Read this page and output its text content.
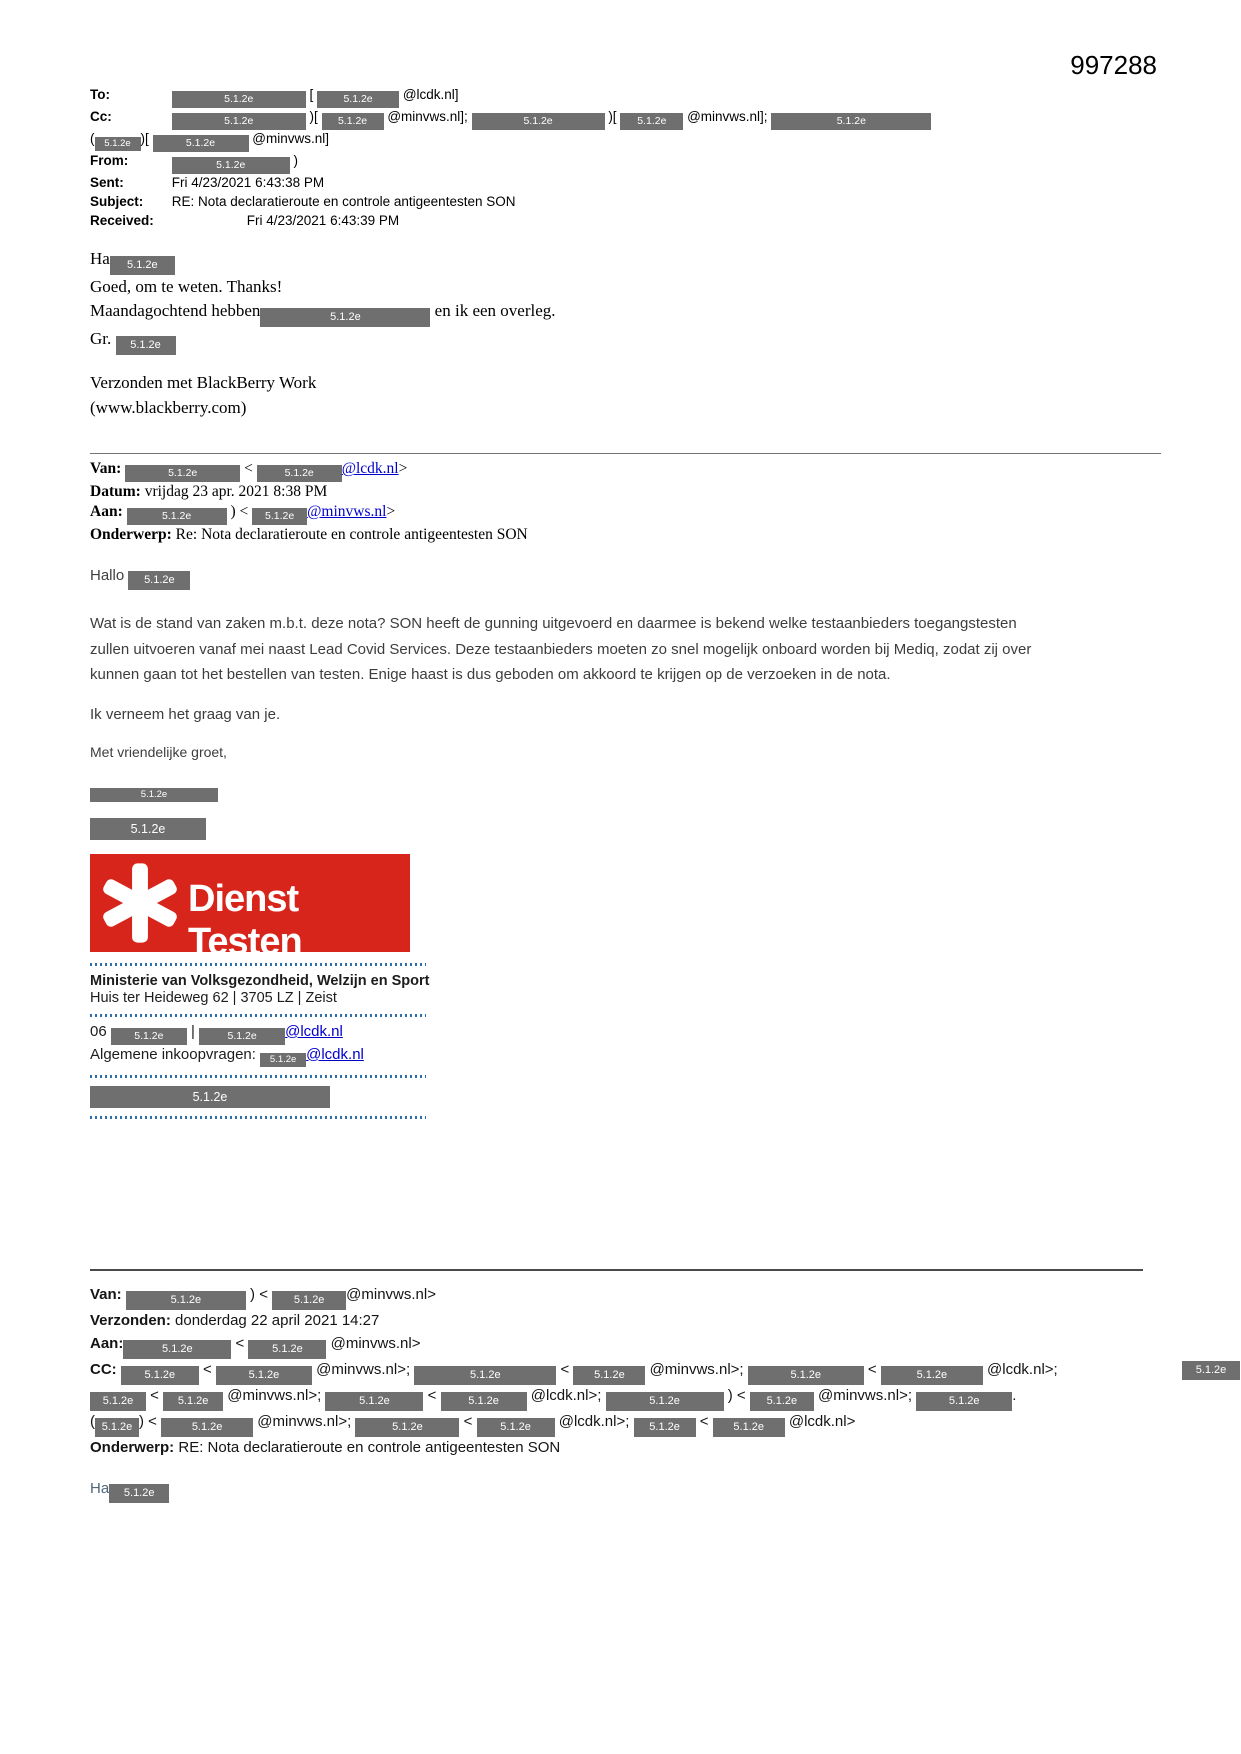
997288
To:	5.1.2e	[	5.1.2e @lcdk.nl]
Cc:	5.1.2e	)[ 5.1.2e @minvws.nl];	5.1.2e	)[ 5.1.2e @minvws.nl];	5.1.2e
( 5.1.2e )[	5.1.2e	@minvws.nl]
From:	5.1.2e	)
Sent:	Fri 4/23/2021 6:43:38 PM
Subject: RE: Nota declaratieroute en controle antigeentesten SON
Received:	Fri 4/23/2021 6:43:39 PM
Ha 5.1.2e
Goed, om te weten. Thanks!
Maandagochtend hebben	5.1.2e	en ik een overleg.
Gr. 5.1.2e
Verzonden met BlackBerry Work
(www.blackberry.com)
Van:	5.1.2e	<	5.1.2e @lcdk.nl>
Datum: vrijdag 23 apr. 2021 8:38 PM
Aan:	5.1.2e	) < 5.1.2e @minvws.nl>
Onderwerp: Re: Nota declaratieroute en controle antigeentesten SON
Hallo 5.1.2e
Wat is de stand van zaken m.b.t. deze nota? SON heeft de gunning uitgevoerd en daarmee is bekend welke testaanbieders toegangstesten zullen uitvoeren vanaf mei naast Lead Covid Services. Deze testaanbieders moeten zo snel mogelijk onboard worden bij Mediq, zodat zij over kunnen gaan tot het bestellen van testen. Enige haast is dus geboden om akkoord te krijgen op de verzoeken in de nota.
Ik verneem het graag van je.
Met vriendelijke groet,
5.1.2e
5.1.2e
Dienst Testen
Ministerie van Volksgezondheid, Welzijn en Sport
Huis ter Heideweg 62 | 3705 LZ | Zeist
06	5.1.2e |	5.1.2e @lcdk.nl
Algemene inkoopvragen: 5.1.2e @lcdk.nl
5.1.2e
Van:	5.1.2e	) < 5.1.2e @minvws.nl>
Verzonden: donderdag 22 april 2021 14:27
Aan:	5.1.2e	<	5.1.2e @minvws.nl>
CC:	5.1.2e <	5.1.2e @minvws.nl>;	5.1.2e	< 5.1.2e @minvws.nl>;	5.1.2e	<	5.1.2e	@lcdk.nl>;	5.1.2e
5.1.2e < 5.1.2e @minvws.nl>;	5.1.2e	<	5.1.2e @lcdk.nl>;	5.1.2e	) < 5.1.2e @minvws.nl>;	5.1.2e .
( 5.1.2e ) <	5.1.2e @minvws.nl>;	5.1.2e	<	5.1.2e @lcdk.nl>; 5.1.2e < 5.1.2e @lcdk.nl>
Onderwerp: RE: Nota declaratieroute en controle antigeentesten SON
Ha 5.1.2e
